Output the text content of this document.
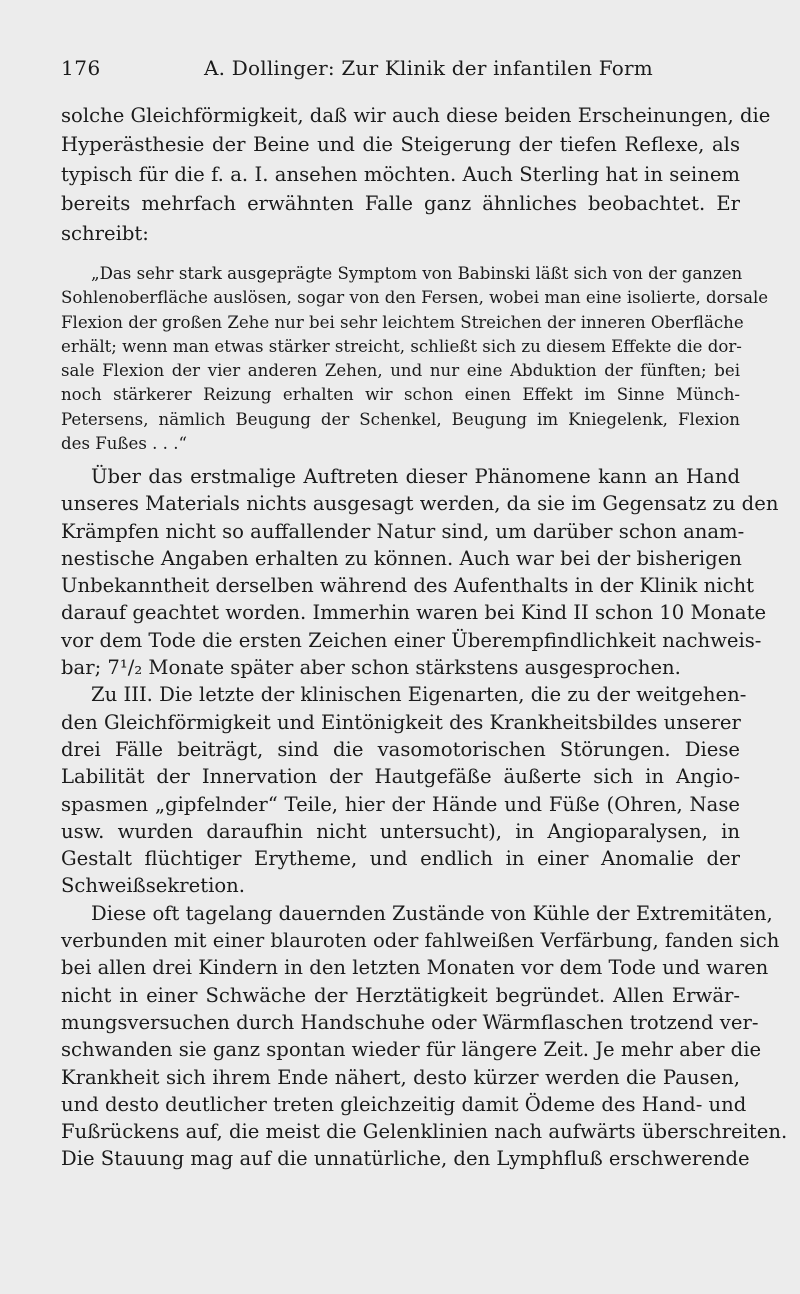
176	A. Dollinger: Zur Klinik der infantilen Form
solche Gleichförmigkeit, daß wir auch diese beiden Erscheinungen, die
Hyperästhesie der Beine und die Steigerung der tiefen Reflexe, als
typisch für die f. a. I. ansehen möchten. Auch Sterling hat in seinem
bereits mehrfach erwähnten Falle ganz ähnliches beobachtet. Er
schreibt:
„Das sehr stark ausgeprägte Symptom von Babinski läßt sich von der ganzen
Sohlenoberfläche auslösen, sogar von den Fersen, wobei man eine isolierte, dorsale
Flexion der großen Zehe nur bei sehr leichtem Streichen der inneren Oberfläche
erhält; wenn man etwas stärker streicht, schließt sich zu diesem Effekte die dor-
sale Flexion der vier anderen Zehen, und nur eine Abduktion der fünften; bei
noch stärkerer Reizung erhalten wir schon einen Effekt im Sinne Münch-
Petersens, nämlich Beugung der Schenkel, Beugung im Kniegelenk, Flexion
des Fußes . . .“
Über das erstmalige Auftreten dieser Phänomene kann an Hand
unseres Materials nichts ausgesagt werden, da sie im Gegensatz zu den
Krämpfen nicht so auffallender Natur sind, um darüber schon anam-
nestische Angaben erhalten zu können. Auch war bei der bisherigen
Unbekanntheit derselben während des Aufenthalts in der Klinik nicht
darauf geachtet worden. Immerhin waren bei Kind II schon 10 Monate
vor dem Tode die ersten Zeichen einer Überempfindlichkeit nachweis-
bar; 7¹/₂ Monate später aber schon stärkstens ausgesprochen.
Zu III. Die letzte der klinischen Eigenarten, die zu der weitgehen-
den Gleichförmigkeit und Eintönigkeit des Krankheitsbildes unserer
drei Fälle beiträgt, sind die vasomotorischen Störungen. Diese
Labilität der Innervation der Hautgefäße äußerte sich in Angio-
spasmen „gipfelnder“ Teile, hier der Hände und Füße (Ohren, Nase
usw. wurden daraufhin nicht untersucht), in Angioparalysen, in
Gestalt flüchtiger Erytheme, und endlich in einer Anomalie der
Schweißsekretion.
Diese oft tagelang dauernden Zustände von Kühle der Extremitäten,
verbunden mit einer blauroten oder fahlweißen Verfärbung, fanden sich
bei allen drei Kindern in den letzten Monaten vor dem Tode und waren
nicht in einer Schwäche der Herztätigkeit begründet. Allen Erwär-
mungsversuchen durch Handschuhe oder Wärmflaschen trotzend ver-
schwanden sie ganz spontan wieder für längere Zeit. Je mehr aber die
Krankheit sich ihrem Ende nähert, desto kürzer werden die Pausen,
und desto deutlicher treten gleichzeitig damit Ödeme des Hand- und
Fußrückens auf, die meist die Gelenklinien nach aufwärts überschreiten.
Die Stauung mag auf die unnatürliche, den Lymphfluß erschwerende
